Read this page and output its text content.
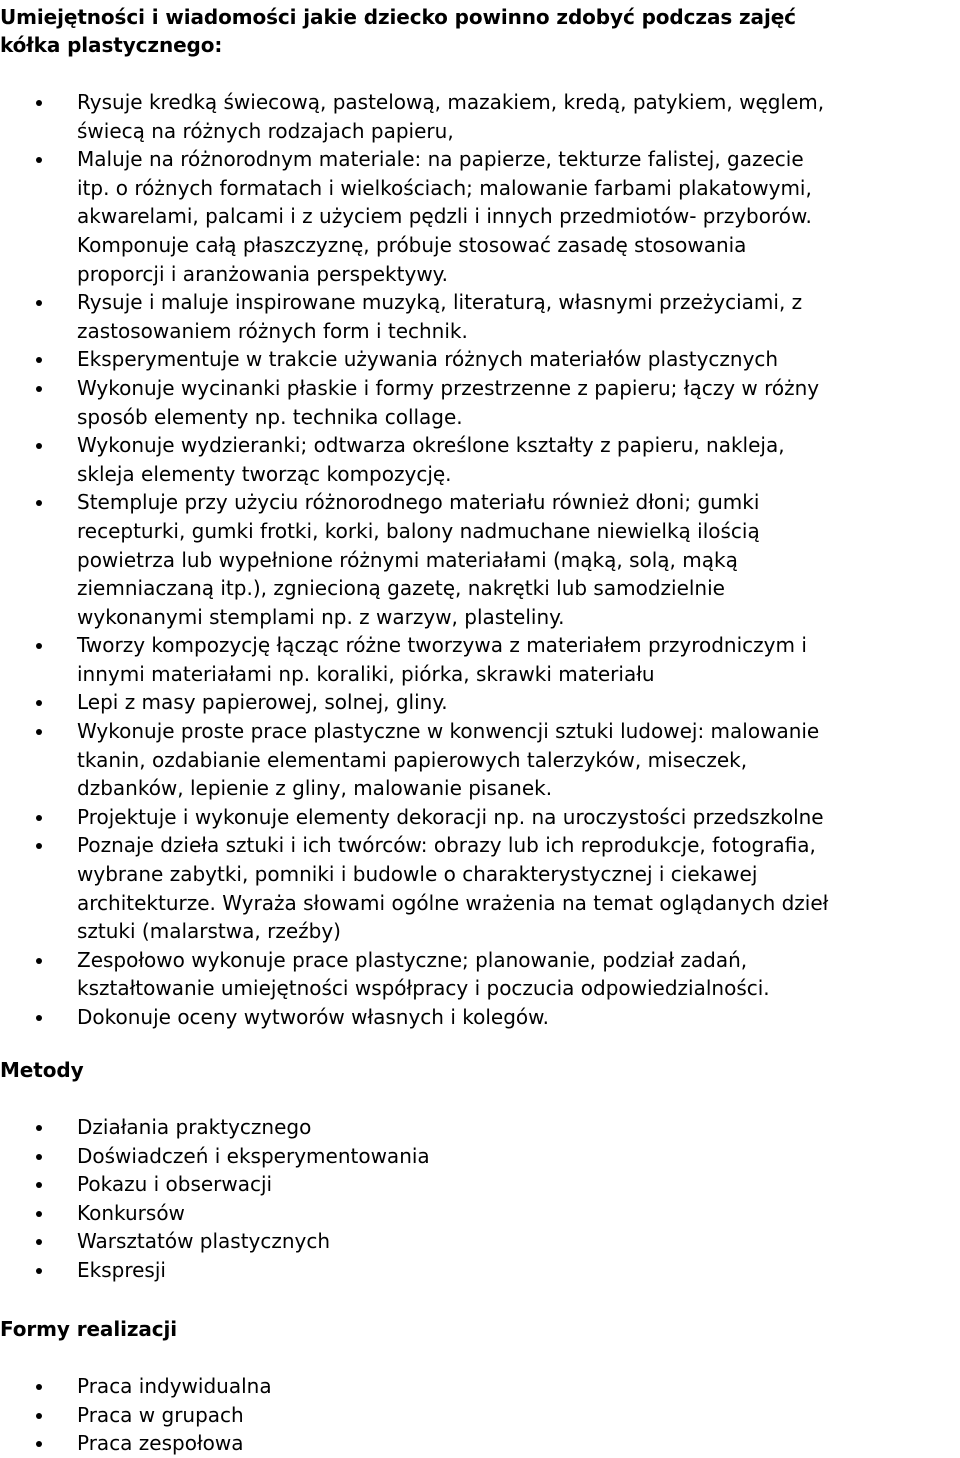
Umiejętności i wiadomości jakie dziecko powinno zdobyć podczas zajęć
kółka plastycznego:
Rysuje kredką świecową, pastelową, mazakiem, kredą, patykiem, węglem,
świecą na różnych rodzajach papieru,
Maluje na różnorodnym materiale: na papierze, tekturze falistej, gazecie
itp. o różnych formatach i wielkościach; malowanie farbami plakatowymi,
akwarelami, palcami i z użyciem pędzli i innych przedmiotów- przyborów.
Komponuje całą płaszczyznę, próbuje stosować zasadę stosowania
proporcji i aranżowania perspektywy.
Rysuje i maluje inspirowane muzyką, literaturą, własnymi przeżyciami, z
zastosowaniem różnych form i technik.
Eksperymentuje w trakcie używania różnych materiałów plastycznych
Wykonuje wycinanki płaskie i formy przestrzenne z papieru; łączy w różny
sposób elementy np. technika collage.
Wykonuje wydzieranki; odtwarza określone kształty z papieru, nakleja,
skleja elementy tworząc kompozycję.
Stempluje przy użyciu różnorodnego materiału również dłoni; gumki
recepturki, gumki frotki, korki, balony nadmuchane niewielką ilością
powietrza lub wypełnione różnymi materiałami (mąką, solą, mąką
ziemniaczaną itp.), zgniecioną gazetę, nakrętki lub samodzielnie
wykonanymi stemplami np. z warzyw, plasteliny.
Tworzy kompozycję łącząc różne tworzywa z materiałem przyrodniczym i
innymi materiałami np. koraliki, piórka, skrawki materiału
Lepi z masy papierowej, solnej, gliny.
Wykonuje proste prace plastyczne w konwencji sztuki ludowej: malowanie
tkanin, ozdabianie elementami papierowych talerzyków, miseczek,
dzbanków, lepienie z gliny, malowanie pisanek.
Projektuje i wykonuje elementy dekoracji np. na uroczystości przedszkolne
Poznaje dzieła sztuki i ich twórców: obrazy lub ich reprodukcje, fotografia,
wybrane zabytki, pomniki i budowle o charakterystycznej i ciekawej
architekturze. Wyraża słowami ogólne wrażenia na temat oglądanych dzieł
sztuki (malarstwa, rzeźby)
Zespołowo wykonuje prace plastyczne; planowanie, podział zadań,
kształtowanie umiejętności współpracy i poczucia odpowiedzialności.
Dokonuje oceny wytworów własnych i kolegów.
Metody
Działania praktycznego
Doświadczeń i eksperymentowania
Pokazu i obserwacji
Konkursów
Warsztatów plastycznych
Ekspresji
Formy realizacji
Praca indywidualna
Praca w grupach
Praca zespołowa
